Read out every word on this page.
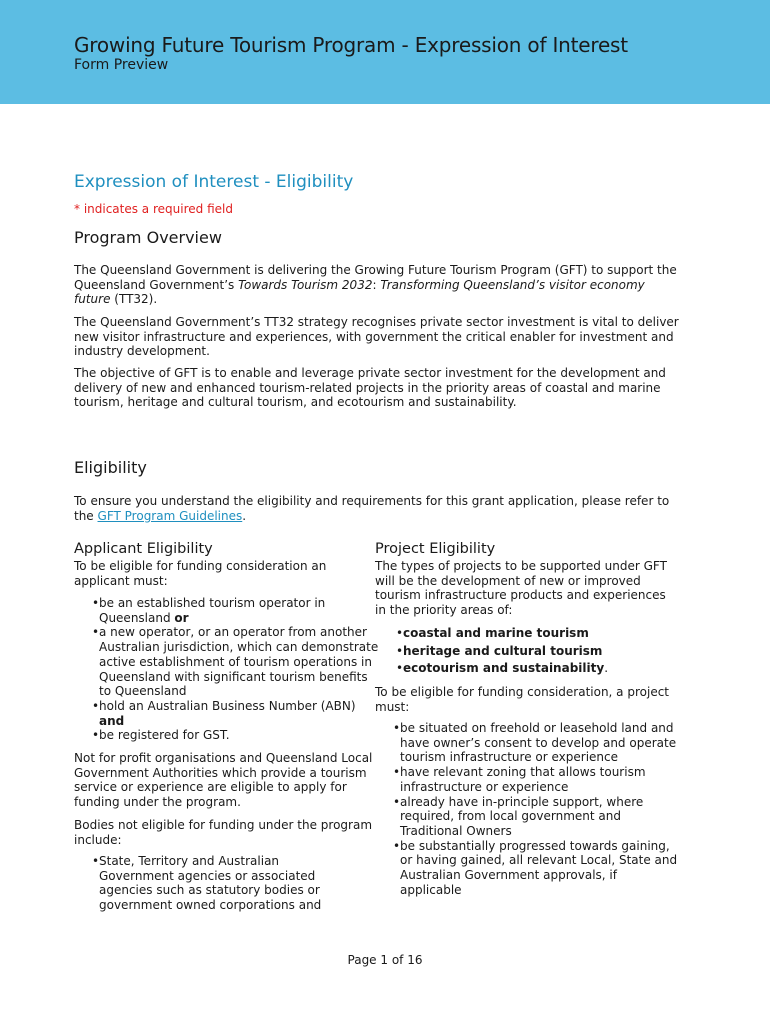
Growing Future Tourism Program - Expression of Interest
Form Preview
Expression of Interest - Eligibility
* indicates a required field
Program Overview

The Queensland Government is delivering the Growing Future Tourism Program (GFT) to support the Queensland Government’s Towards Tourism 2032: Transforming Queensland’s visitor economy future (TT32).

The Queensland Government’s TT32 strategy recognises private sector investment is vital to deliver new visitor infrastructure and experiences, with government the critical enabler for investment and industry development.

The objective of GFT is to enable and leverage private sector investment for the development and delivery of new and enhanced tourism-related projects in the priority areas of coastal and marine tourism, heritage and cultural tourism, and ecotourism and sustainability.

Eligibility

To ensure you understand the eligibility and requirements for this grant application, please refer to the GFT Program Guidelines.

Applicant Eligibility

To be eligible for funding consideration an applicant must:

• be an established tourism operator in Queensland or
• a new operator, or an operator from another Australian jurisdiction, which can demonstrate active establishment of tourism operations in Queensland with significant tourism benefits to Queensland
• hold an Australian Business Number (ABN) and
• be registered for GST.

Not for profit organisations and Queensland Local Government Authorities which provide a tourism service or experience are eligible to apply for funding under the program.

Bodies not eligible for funding under the program include:

• State, Territory and Australian Government agencies or associated agencies such as statutory bodies or government owned corporations and
Project Eligibility

The types of projects to be supported under GFT will be the development of new or improved tourism infrastructure products and experiences in the priority areas of:

• coastal and marine tourism
• heritage and cultural tourism
• ecotourism and sustainability.

To be eligible for funding consideration, a project must:

• be situated on freehold or leasehold land and have owner’s consent to develop and operate tourism infrastructure or experience
• have relevant zoning that allows tourism infrastructure or experience
• already have in-principle support, where required, from local government and Traditional Owners
• be substantially progressed towards gaining, or having gained, all relevant Local, State and Australian Government approvals, if applicable
Page 1 of 16
